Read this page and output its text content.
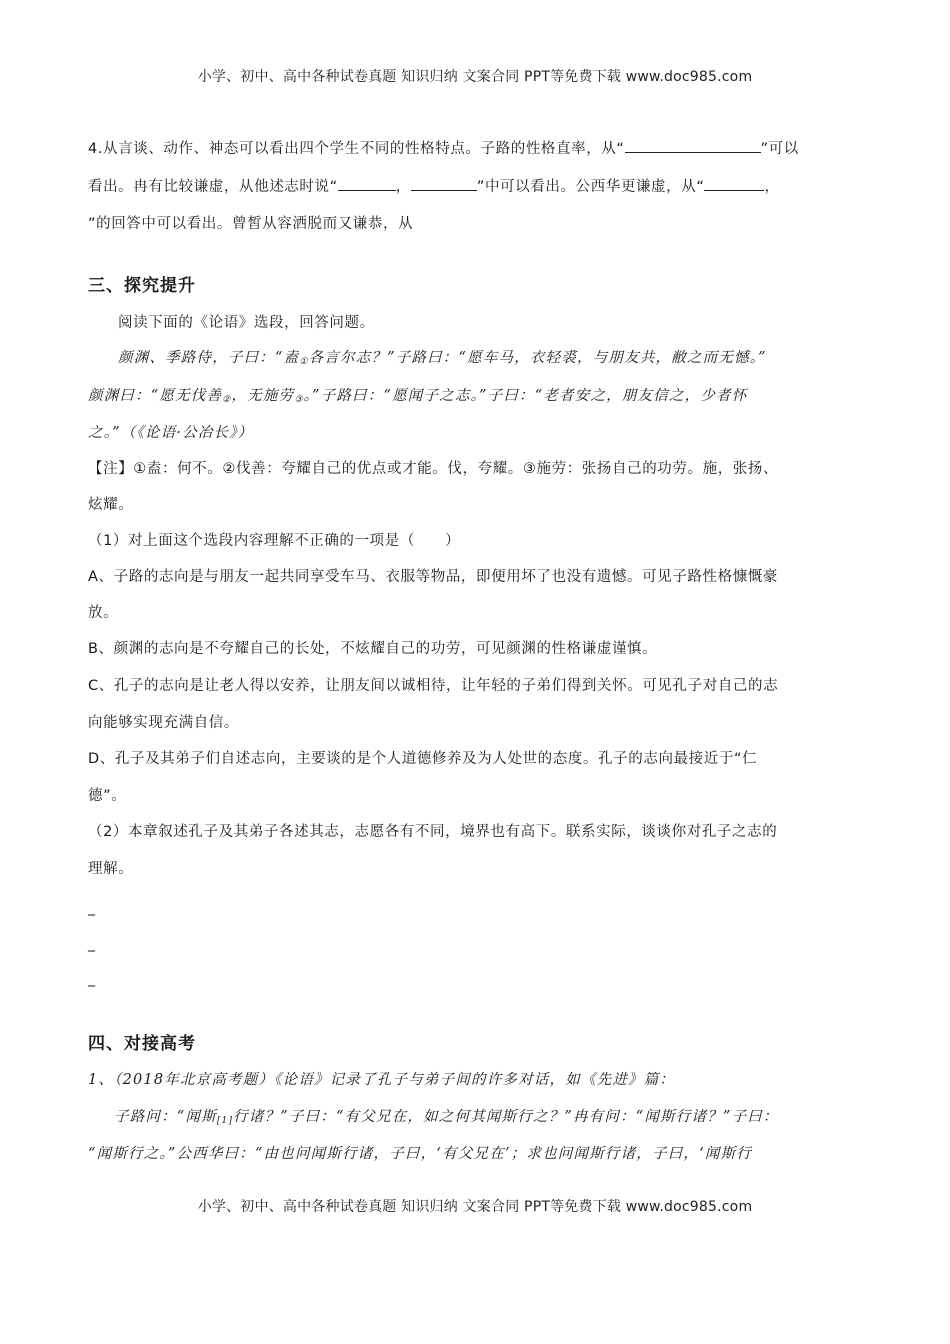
小学、初中、高中各种试卷真题 知识归纳 文案合同 PPT等免费下载 www.doc985.com
4.从言谈、动作、神态可以看出四个学生不同的性格特点。子路的性格直率，从“	”可以
看出。冉有比较谦虚，从他述志时说“	，	”中可以看出。公西华更谦虚，从“	，
”的回答中可以看出。曾皙从容洒脱而又谦恭，从
三、探究提升
阅读下面的《论语》选段，回答问题。
颜渊、季路侍，子曰：“盍$_①$各言尔志？”子路曰：“愿车马，衣轻裘，与朋友共，敝之而无憾。”
颜渊曰：“愿无伐善$_②$，无施劳$_③$。”子路曰：“愿闻子之志。”子曰：“老者安之，朋友信之，少者怀
之。”（《论语·公冶长》）
【注】①盍：何不。②伐善：夸耀自己的优点或才能。伐，夸耀。③施劳：张扬自己的功劳。施，张扬、
炫耀。
（1）对上面这个选段内容理解不正确的一项是（　　）
A、子路的志向是与朋友一起共同享受车马、衣服等物品，即便用坏了也没有遗憾。可见子路性格慷慨豪
放。
B、颜渊的志向是不夸耀自己的长处，不炫耀自己的功劳，可见颜渊的性格谦虚谨慎。
C、孔子的志向是让老人得以安养，让朋友间以诚相待，让年轻的子弟们得到关怀。可见孔子对自己的志
向能够实现充满自信。
D、孔子及其弟子们自述志向，主要谈的是个人道德修养及为人处世的态度。孔子的志向最接近于“仁
德”。
（2）本章叙述孔子及其弟子各述其志，志愿各有不同，境界也有高下。联系实际，谈谈你对孔子之志的
理解。
_
_
_
四、对接高考
1、（2018年北京高考题）《论语》记录了孔子与弟子间的许多对话，如《先进》篇：
子路问：“闻斯$_{[1]}$行诸？”子曰：“有父兄在，如之何其闻斯行之？”冉有问：“闻斯行诸？”子曰：
“闻斯行之。”公西华曰：“由也问闻斯行诸，子曰，‘有父兄在’；求也问闻斯行诸，子曰，‘闻斯行
小学、初中、高中各种试卷真题 知识归纳 文案合同 PPT等免费下载 www.doc985.com
